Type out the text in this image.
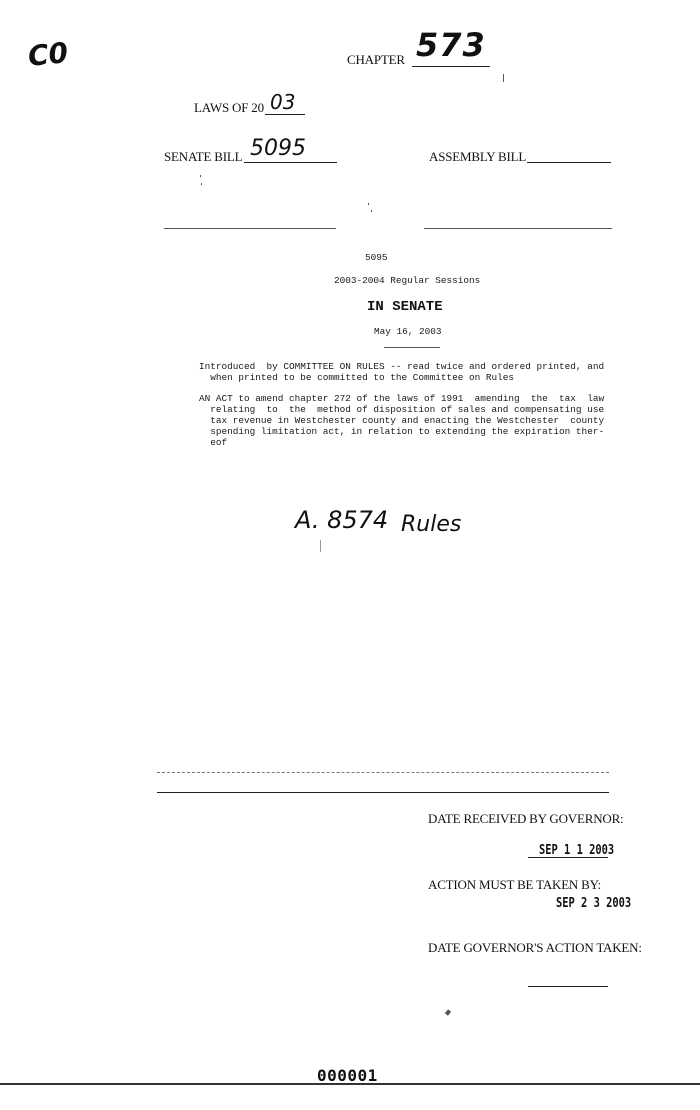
C0	CHAPTER 573
LAWS OF 20 03
SENATE BILL 5095	ASSEMBLY BILL
5095
2003-2004 Regular Sessions
IN SENATE
May 16, 2003
Introduced  by COMMITTEE ON RULES -- read twice and ordered printed, and
when printed to be committed to the Committee on Rules
AN ACT to amend chapter 272 of the laws of 1991  amending  the  tax  law
relating  to  the  method of disposition of sales and compensating use
tax revenue in Westchester county and enacting the Westchester  county
spending limitation act, in relation to extending the expiration ther-
eof
A. 8574 Rules
DATE RECEIVED BY GOVERNOR:
SEP 1 1 2003
ACTION MUST BE TAKEN BY:
SEP 2 3 2003
DATE GOVERNOR'S ACTION TAKEN:
000001
